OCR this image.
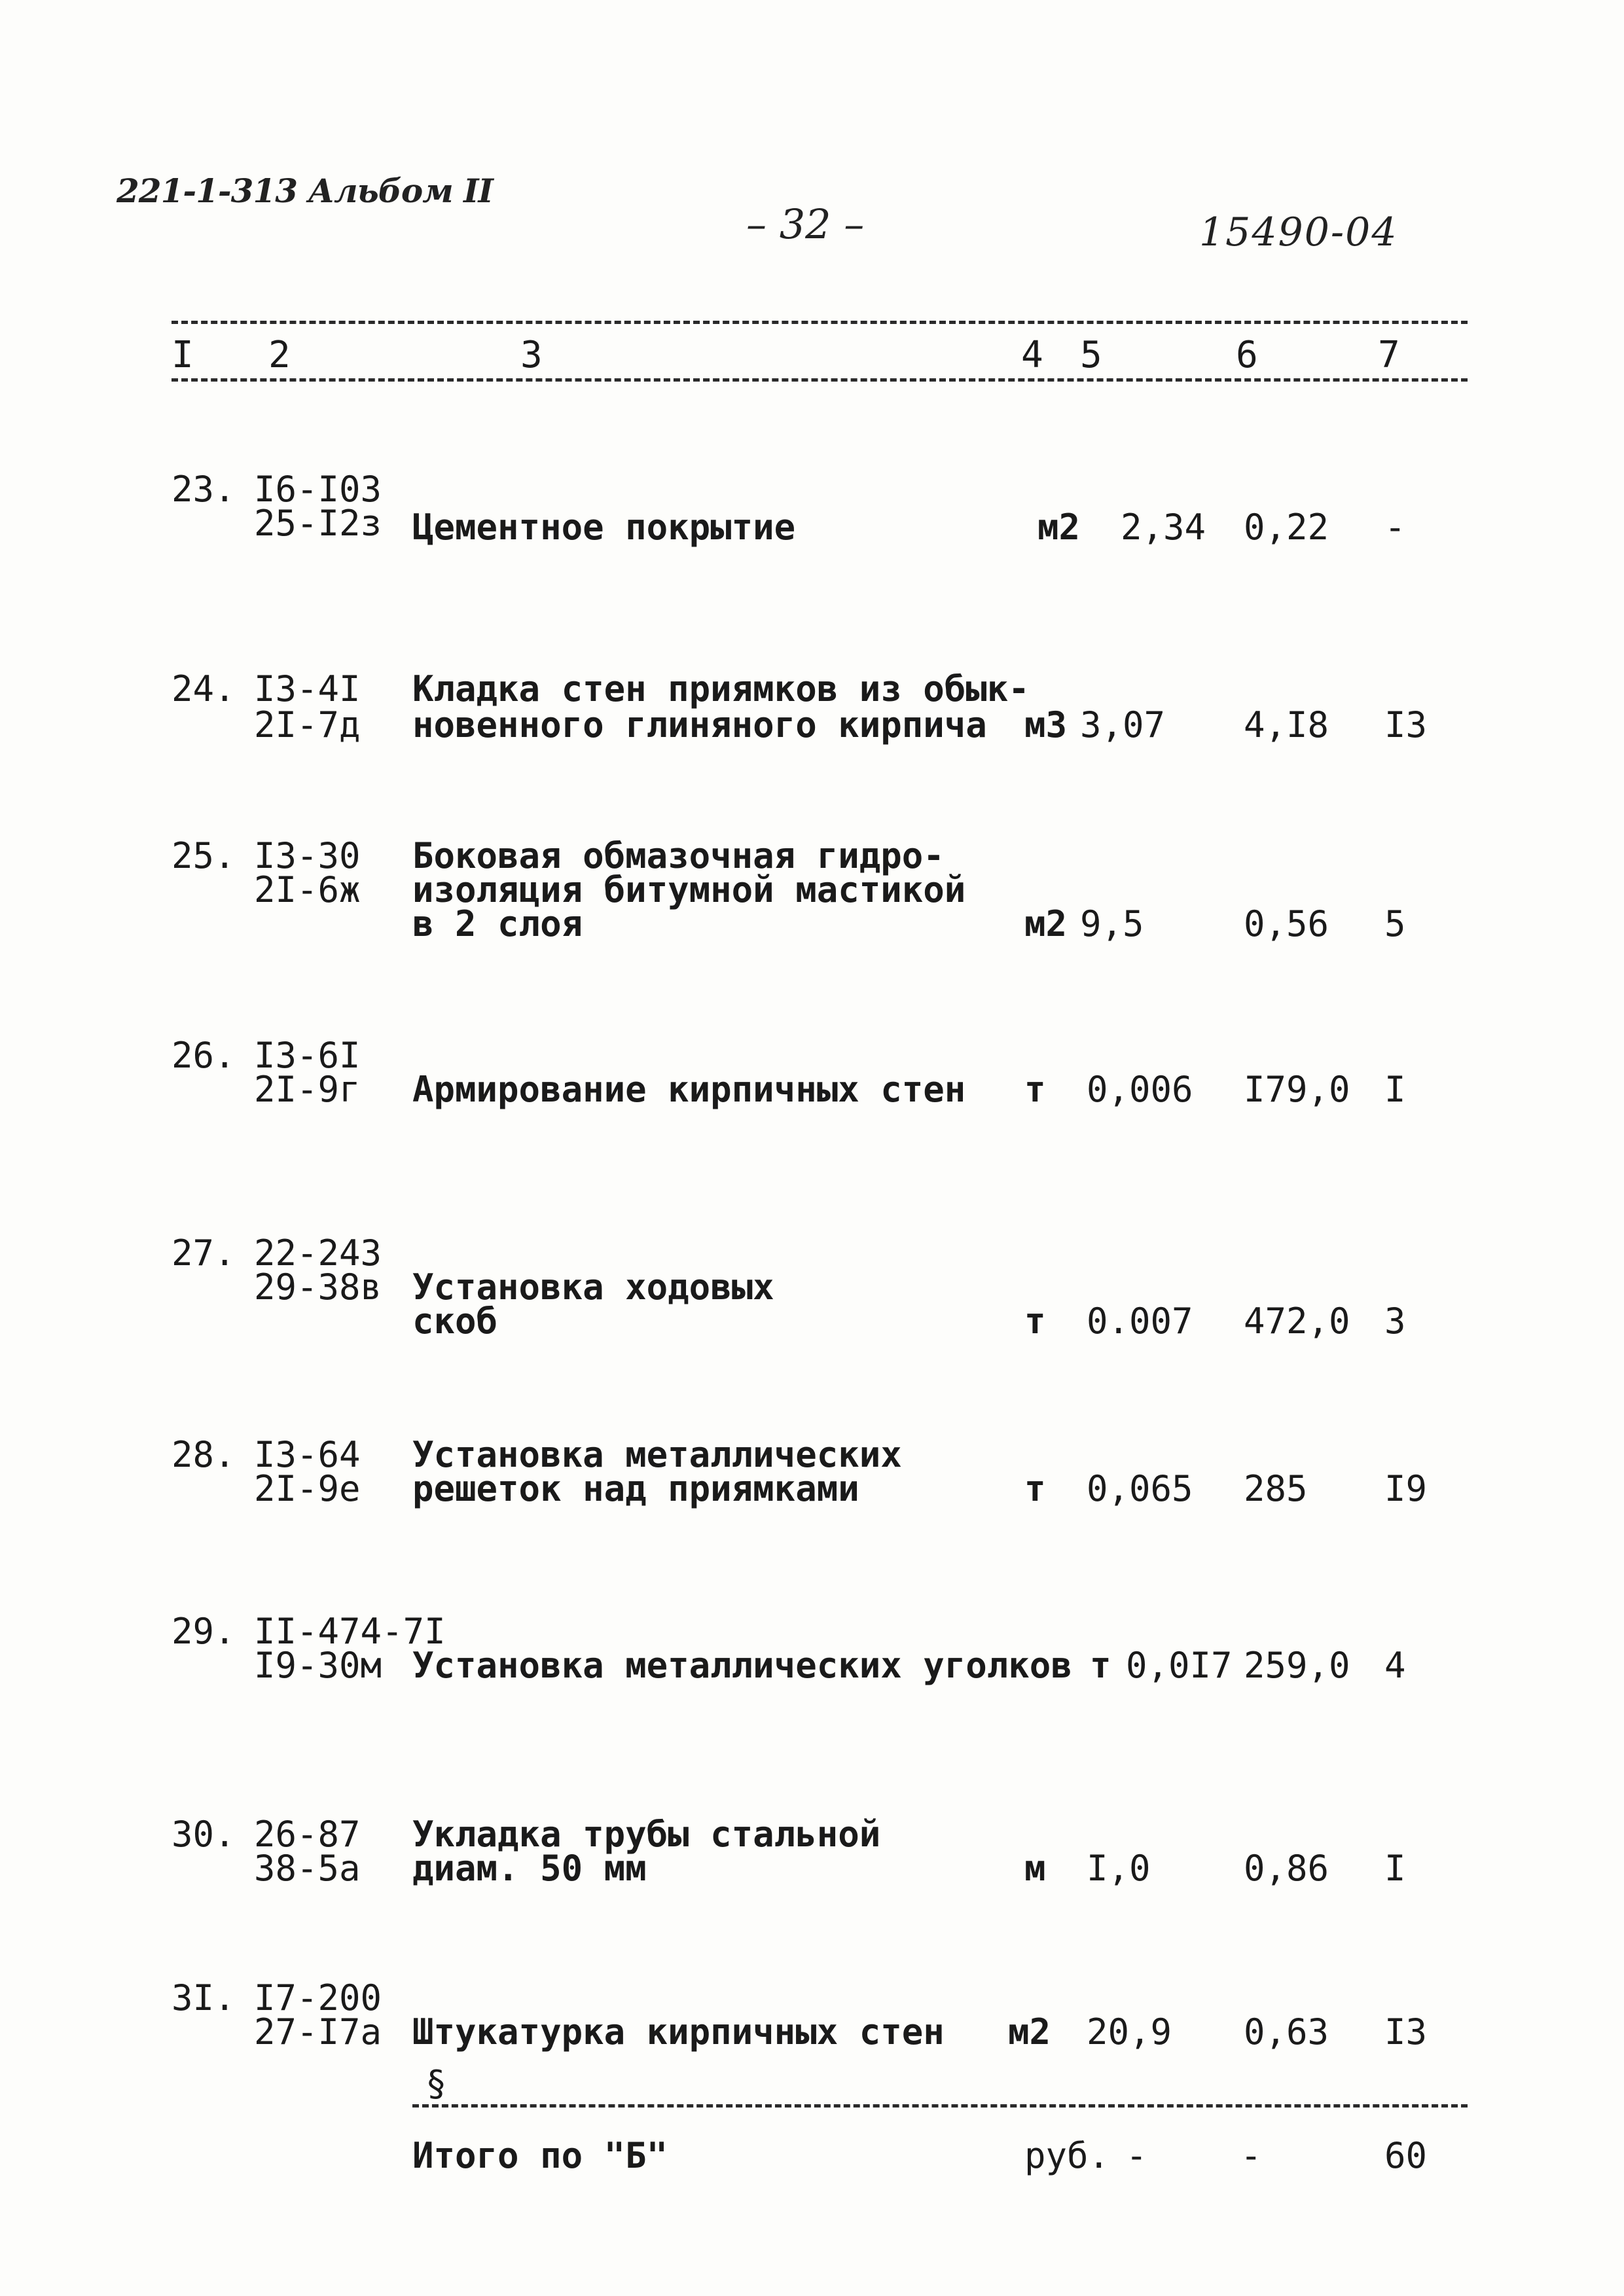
221-1-313 Альбом II
– 32 –	15490-04
I 2	3	4 5	6	7
23. I6-I03
25-I2з Цементное покрытие	м2 2,34 0,22 -
24. I3-4I
2I-7д
Кладка стен приямков из обык-
новенного глиняного кирпича м3 3,07 4,I8 I3
25. I3-30
2I-6ж
Боковая обмазочная гидро-
изоляция битумной мастикой
в 2 слоя	м2 9,5	0,56 5
26. I3-6I
2I-9г Армирование кирпичных стен т 0,006 I79,0 I
27. 22-243
29-38в Установка ходовых
скоб	т 0.007 472,0 3
28. I3-64
2I-9е
Установка металлических
решеток над приямками	т 0,065 285 I9
29. II-474-7I
I9-30м Установка металлических уголков т 0,0I7 259,0 4
30. 26-87
38-5а
Укладка трубы стальной
диам. 50 мм	м I,0	0,86 I
3I. I7-200
27-I7а Штукатурка кирпичных стен м2 20,9 0,63 I3
§
Итого по "Б"	руб. -	-	60
